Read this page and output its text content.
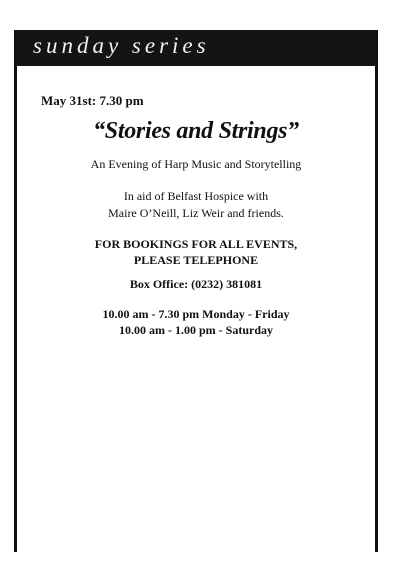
sunday series
May 31st: 7.30 pm
“Stories and Strings”
An Evening of Harp Music and Storytelling
In aid of Belfast Hospice with
Maire O’Neill, Liz Weir and friends.
FOR BOOKINGS FOR ALL EVENTS,
PLEASE TELEPHONE
Box Office: (0232) 381081
10.00 am - 7.30 pm Monday - Friday
10.00 am - 1.00 pm - Saturday
